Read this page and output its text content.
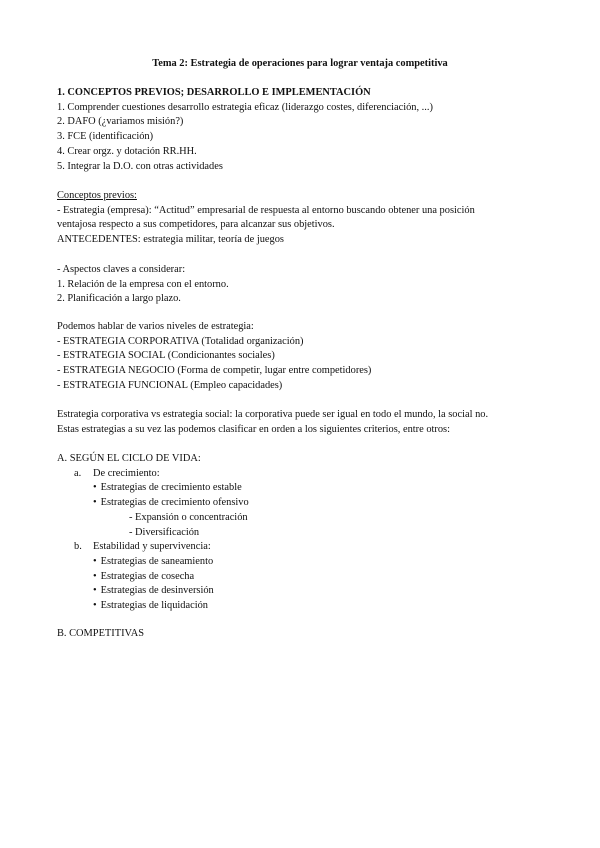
Tema 2: Estrategia de operaciones para lograr ventaja competitiva

1. CONCEPTOS PREVIOS; DESARROLLO E IMPLEMENTACIÓN

1. Comprender cuestiones desarrollo estrategia eficaz (liderazgo costes, diferenciación, ...)

2. DAFO (¿variamos misión?)

3. FCE (identificación)

4. Crear orgz. y dotación RR.HH.

5. Integrar la D.O. con otras actividades

Conceptos previos:

- Estrategia (empresa): “Actitud” empresarial de respuesta al entorno buscando obtener una posición

ventajosa respecto a sus competidores, para alcanzar sus objetivos.

ANTECEDENTES: estrategia militar, teoría de juegos

- Aspectos claves a considerar:

1. Relación de la empresa con el entorno.

2. Planificación a largo plazo.

Podemos hablar de varios niveles de estrategia:

- ESTRATEGIA CORPORATIVA (Totalidad organización)

- ESTRATEGIA SOCIAL (Condicionantes sociales)

- ESTRATEGIA NEGOCIO (Forma de competir, lugar entre competidores)

- ESTRATEGIA FUNCIONAL (Empleo capacidades)

Estrategia corporativa vs estrategia social: la corporativa puede ser igual en todo el mundo, la social no.

Estas estrategias a su vez las podemos clasificar en orden a los siguientes criterios, entre otros:

A. SEGÚN EL CICLO DE VIDA:

a. De crecimiento:

• Estrategias de crecimiento estable

• Estrategias de crecimiento ofensivo

- Expansión o concentración

- Diversificación

b. Estabilidad y supervivencia:

• Estrategias de saneamiento

• Estrategias de cosecha

• Estrategias de desinversión

• Estrategias de liquidación

B. COMPETITIVAS
